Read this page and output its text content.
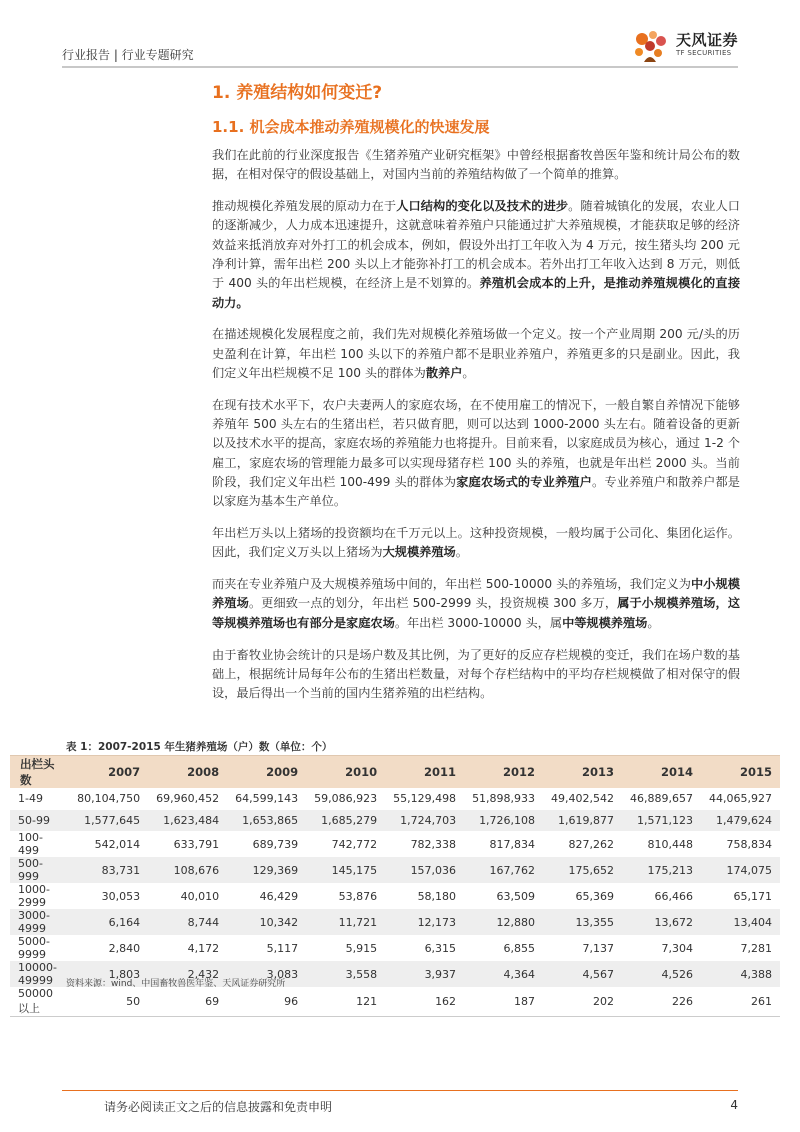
行业报告 | 行业专题研究
天风证券
TF SECURITIES
1. 养殖结构如何变迁?
1.1. 机会成本推动养殖规模化的快速发展

我们在此前的行业深度报告《生猪养殖产业研究框架》中曾经根据畜牧兽医年鉴和统计局公布的数据，在相对保守的假设基础上，对国内当前的养殖结构做了一个简单的推算。

推动规模化养殖发展的原动力在于人口结构的变化以及技术的进步。随着城镇化的发展，农业人口的逐渐减少，人力成本迅速提升，这就意味着养殖户只能通过扩大养殖规模，才能获取足够的经济效益来抵消放弃对外打工的机会成本，例如，假设外出打工年收入为 4 万元，按生猪头均 200 元净利计算，需年出栏 200 头以上才能弥补打工的机会成本。若外出打工年收入达到 8 万元，则低于 400 头的年出栏规模，在经济上是不划算的。养殖机会成本的上升，是推动养殖规模化的直接动力。

在描述规模化发展程度之前，我们先对规模化养殖场做一个定义。按一个产业周期 200 元/头的历史盈利在计算，年出栏 100 头以下的养殖户都不是职业养殖户，养殖更多的只是副业。因此，我们定义年出栏规模不足 100 头的群体为散养户。

在现有技术水平下，农户夫妻两人的家庭农场，在不使用雇工的情况下，一般自繁自养情况下能够养殖年 500 头左右的生猪出栏，若只做育肥，则可以达到 1000-2000 头左右。随着设备的更新以及技术水平的提高，家庭农场的养殖能力也将提升。目前来看，以家庭成员为核心，通过 1-2 个雇工，家庭农场的管理能力最多可以实现母猪存栏 100 头的养殖，也就是年出栏 2000 头。当前阶段，我们定义年出栏 100-499 头的群体为家庭农场式的专业养殖户。专业养殖户和散养户都是以家庭为基本生产单位。

年出栏万头以上猪场的投资额均在千万元以上。这种投资规模，一般均属于公司化、集团化运作。因此，我们定义万头以上猪场为大规模养殖场。

而夹在专业养殖户及大规模养殖场中间的，年出栏 500-10000 头的养殖场，我们定义为中小规模养殖场。更细致一点的划分，年出栏 500-2999 头，投资规模 300 多万，属于小规模养殖场，这等规模养殖场也有部分是家庭农场。年出栏 3000-10000 头，属中等规模养殖场。

由于畜牧业协会统计的只是场户数及其比例，为了更好的反应存栏规模的变迁，我们在场户数的基础上，根据统计局每年公布的生猪出栏数量，对每个存栏结构中的平均存栏规模做了相对保守的假设，最后得出一个当前的国内生猪养殖的出栏结构。

表 1：2007-2015 年生猪养殖场（户）数（单位：个）
出栏头数	2007	2008	2009	2010	2011	2012	2013	2014	2015
1-49	80,104,750	69,960,452	64,599,143	59,086,923	55,129,498	51,898,933	49,402,542	46,889,657	44,065,927
50-99	1,577,645	1,623,484	1,653,865	1,685,279	1,724,703	1,726,108	1,619,877	1,571,123	1,479,624
100-499	542,014	633,791	689,739	742,772	782,338	817,834	827,262	810,448	758,834
500-999	83,731	108,676	129,369	145,175	157,036	167,762	175,652	175,213	174,075
1000-2999	30,053	40,010	46,429	53,876	58,180	63,509	65,369	66,466	65,171
3000-4999	6,164	8,744	10,342	11,721	12,173	12,880	13,355	13,672	13,404
5000-9999	2,840	4,172	5,117	5,915	6,315	6,855	7,137	7,304	7,281
10000-49999	1,803	2,432	3,083	3,558	3,937	4,364	4,567	4,526	4,388
50000 以上	50	69	96	121	162	187	202	226	261
资料来源：wind、中国畜牧兽医年鉴、天风证券研究所
请务必阅读正文之后的信息披露和免责申明	4
